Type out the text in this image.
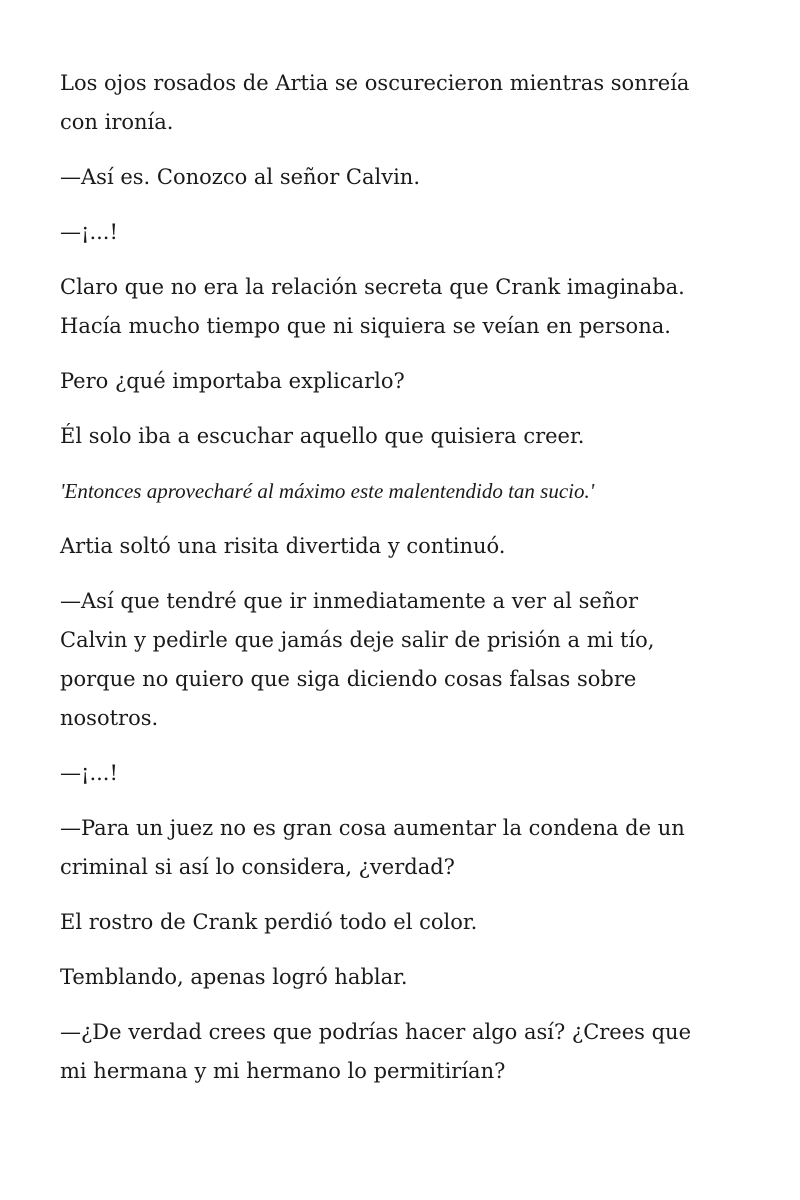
Los ojos rosados de Artia se oscurecieron mientras sonreía
con ironía.

—Así es. Conozco al señor Calvin.

—¡...!

Claro que no era la relación secreta que Crank imaginaba.
Hacía mucho tiempo que ni siquiera se veían en persona.

Pero ¿qué importaba explicarlo?

Él solo iba a escuchar aquello que quisiera creer.

'Entonces aprovecharé al máximo este malentendido tan sucio.'

Artia soltó una risita divertida y continuó.

—Así que tendré que ir inmediatamente a ver al señor
Calvin y pedirle que jamás deje salir de prisión a mi tío,
porque no quiero que siga diciendo cosas falsas sobre
nosotros.

—¡...!

—Para un juez no es gran cosa aumentar la condena de un
criminal si así lo considera, ¿verdad?

El rostro de Crank perdió todo el color.

Temblando, apenas logró hablar.

—¿De verdad crees que podrías hacer algo así? ¿Crees que
mi hermana y mi hermano lo permitirían?
